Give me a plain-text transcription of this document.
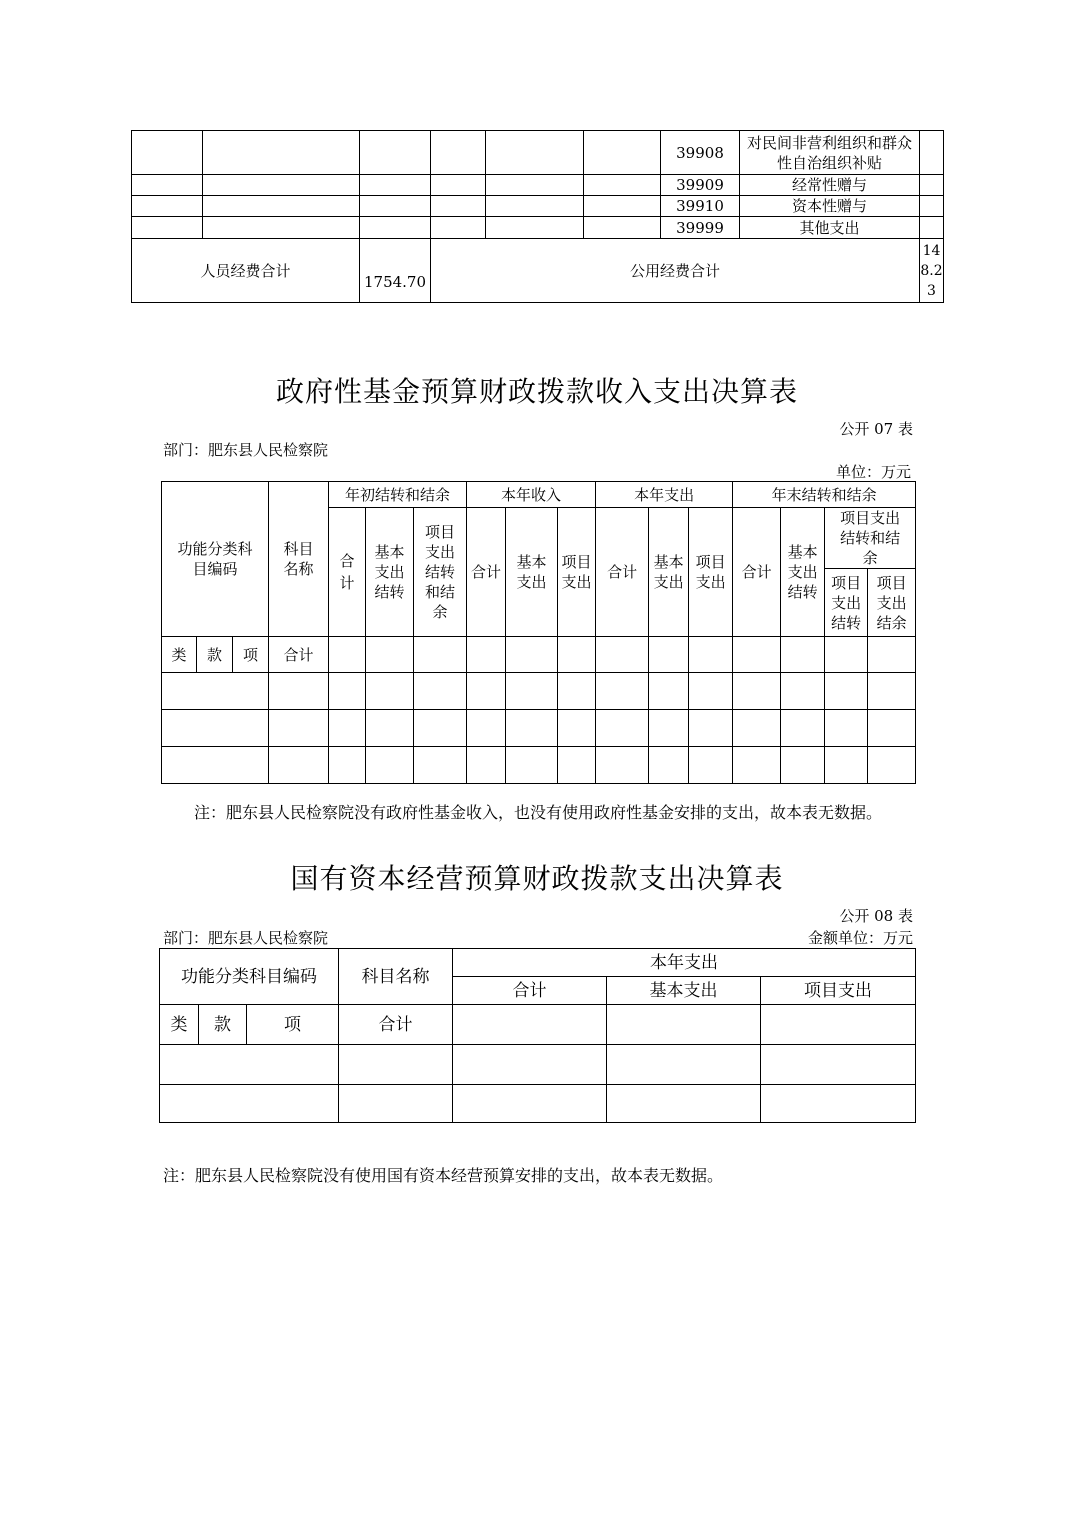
						39908	对民间非营利组织和群众性自治组织补贴	
						39909	经常性赠与	
						39910	资本性赠与	
						39999	其他支出	
人员经费合计		1754.70	公用经费合计					148.23
政府性基金预算财政拨款收入支出决算表
公开 07 表
部门：肥东县人民检察院
单位：万元
功能分类科目编码			科目名称	年初结转和结余			本年收入			本年支出			年末结转和结余			
				合计	基本支出结转	项目支出结转和结余	合计	基本支出	项目支出	合计	基本支出	项目支出	合计	基本支出结转	项目支出结转和结余	
															项目支出结转	项目支出结余
类	款	项	合计													

注：肥东县人民检察院没有政府性基金收入，也没有使用政府性基金安排的支出，故本表无数据。
国有资本经营预算财政拨款支出决算表
公开 08 表
部门：肥东县人民检察院	金额单位：万元
功能分类科目编码			科目名称	本年支出		
				合计	基本支出	项目支出
类	款	项	合计			

注：肥东县人民检察院没有使用国有资本经营预算安排的支出，故本表无数据。
